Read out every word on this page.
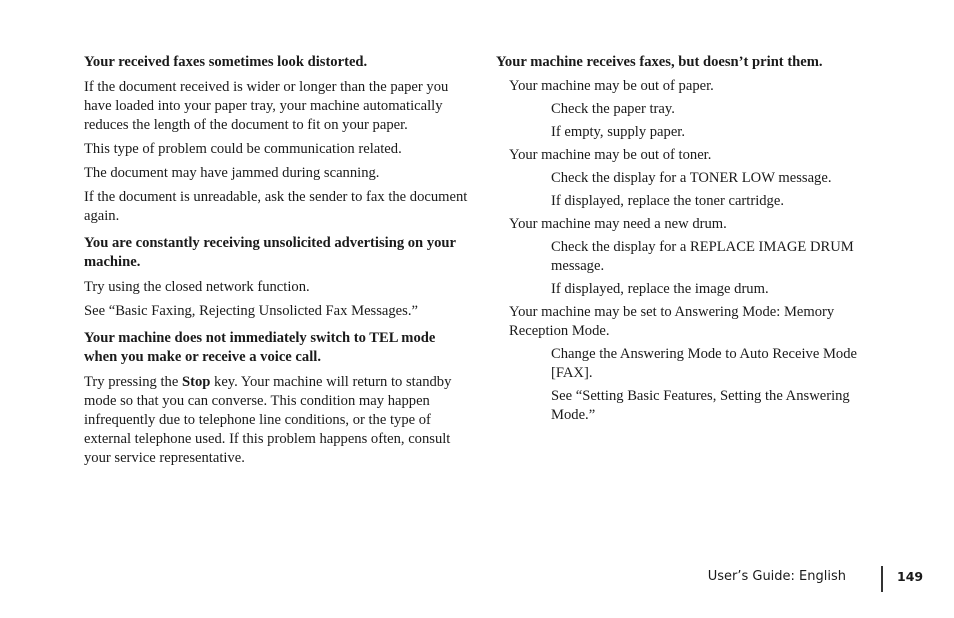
Your received faxes sometimes look distorted.
If the document received is wider or longer than the paper you have loaded into your paper tray, your machine automatically reduces the length of the document to fit on your paper.
This type of problem could be communication related.
The document may have jammed during scanning.
If the document is unreadable, ask the sender to fax the document again.
You are constantly receiving unsolicited advertising on your machine.
Try using the closed network function.
See “Basic Faxing, Rejecting Unsolicted Fax Messages.”
Your machine does not immediately switch to TEL mode when you make or receive a voice call.
Try pressing the Stop key. Your machine will return to standby mode so that you can converse. This condition may happen infrequently due to telephone line conditions, or the type of external telephone used. If this problem happens often, consult your service representative.
Your machine receives faxes, but doesn’t print them.
Your machine may be out of paper.
Check the paper tray.
If empty, supply paper.
Your machine may be out of toner.
Check the display for a TONER LOW message.
If displayed, replace the toner cartridge.
Your machine may need a new drum.
Check the display for a REPLACE IMAGE DRUM message.
If displayed, replace the image drum.
Your machine may be set to Answering Mode: Memory Reception Mode.
Change the Answering Mode to Auto Receive Mode [FAX].
See “Setting Basic Features, Setting the Answering Mode.”
User’s Guide: English	149
